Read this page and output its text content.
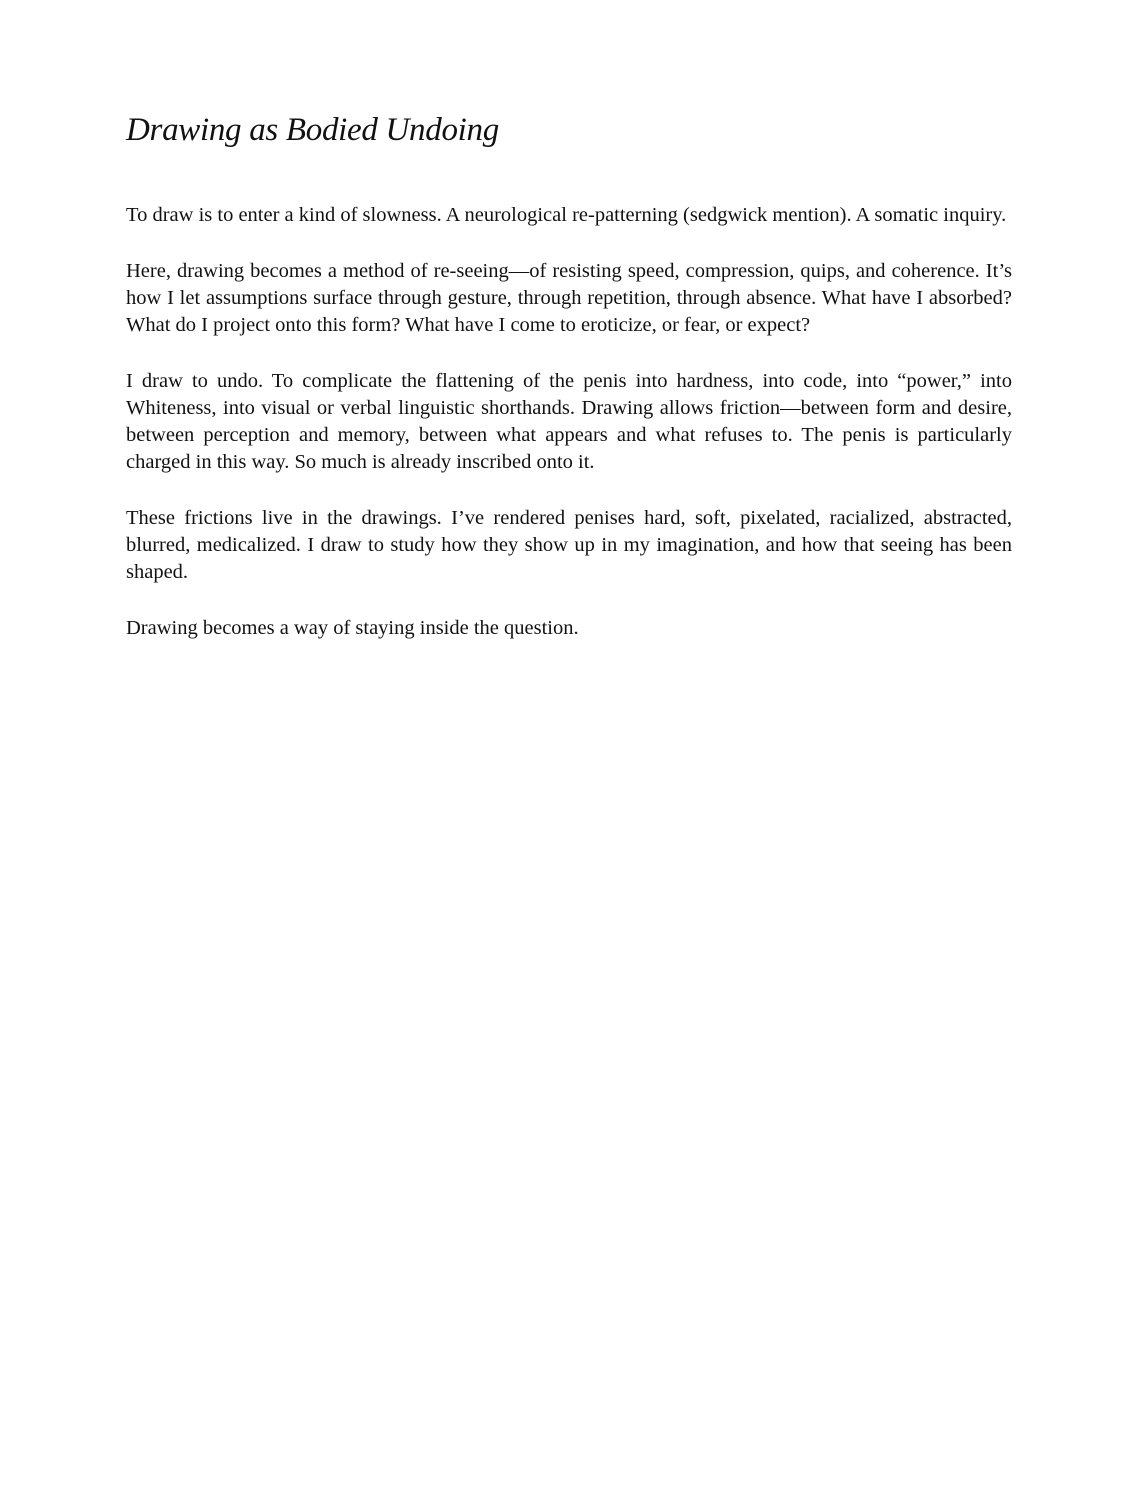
Drawing as Bodied Undoing

To draw is to enter a kind of slowness. A neurological re-patterning (sedgwick mention). A somatic inquiry.

Here, drawing becomes a method of re-seeing—of resisting speed, compression, quips, and coherence. It’s how I let assumptions surface through gesture, through repetition, through absence. What have I absorbed? What do I project onto this form? What have I come to eroticize, or fear, or expect?

I draw to undo. To complicate the flattening of the penis into hardness, into code, into “power,” into Whiteness, into visual or verbal linguistic shorthands. Drawing allows friction—between form and desire, between perception and memory, between what appears and what refuses to. The penis is particularly charged in this way. So much is already inscribed onto it.

These frictions live in the drawings. I’ve rendered penises hard, soft, pixelated, racialized, abstracted, blurred, medicalized. I draw to study how they show up in my imagination, and how that seeing has been shaped.

Drawing becomes a way of staying inside the question.
